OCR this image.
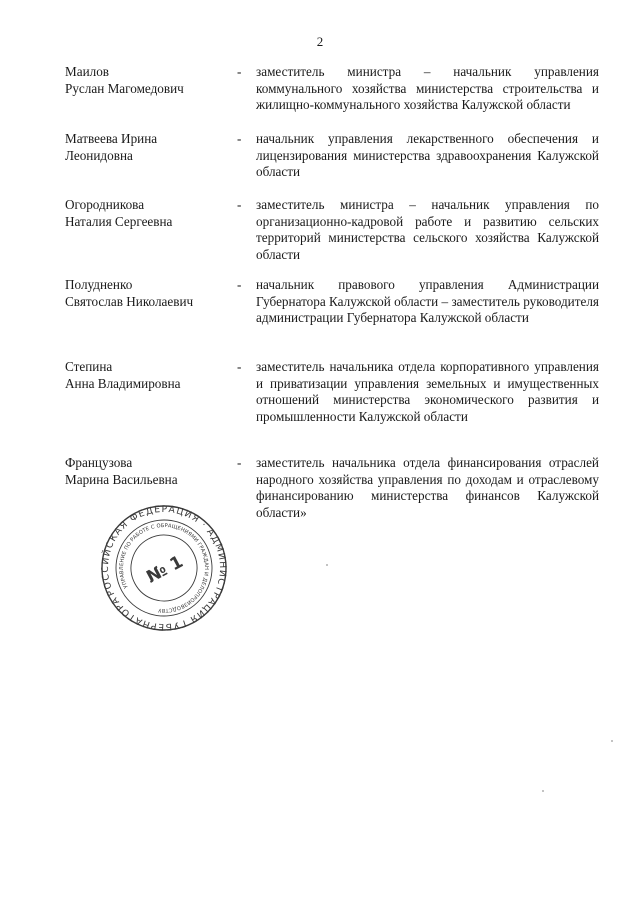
2
Маилов
Руслан Магомедович
- заместитель министра – начальник управления коммунального хозяйства министерства строительства и жилищно-коммунального хозяйства Калужской области
Матвеева Ирина
Леонидовна
- начальник управления лекарственного обеспечения и лицензирования министерства здравоохранения Калужской области
Огородникова
Наталия Сергеевна
- заместитель министра – начальник управления по организационно-кадровой работе и развитию сельских территорий министерства сельского хозяйства Калужской области
Полудненко
Святослав Николаевич
- начальник правового управления Администрации Губернатора Калужской области – заместитель руководителя администрации Губернатора Калужской области
Степина
Анна Владимировна
- заместитель начальника отдела корпоративного управления и приватизации управления земельных и имущественных отношений министерства экономического развития и промышленности Калужской области
Французова
Марина Васильевна
- заместитель начальника отдела финансирования отраслей народного хозяйства управления по доходам и отраслевому финансированию министерства финансов Калужской области»
РОССИЙСКАЯ ФЕДЕРАЦИЯ · АДМИНИСТРАЦИЯ ГУБЕРНАТОРА
УПРАВЛЕНИЕ ПО РАБОТЕ С ОБРАЩЕНИЯМИ ГРАЖДАН И ДЕЛОПРОИЗВОДСТВУ
№ 1
